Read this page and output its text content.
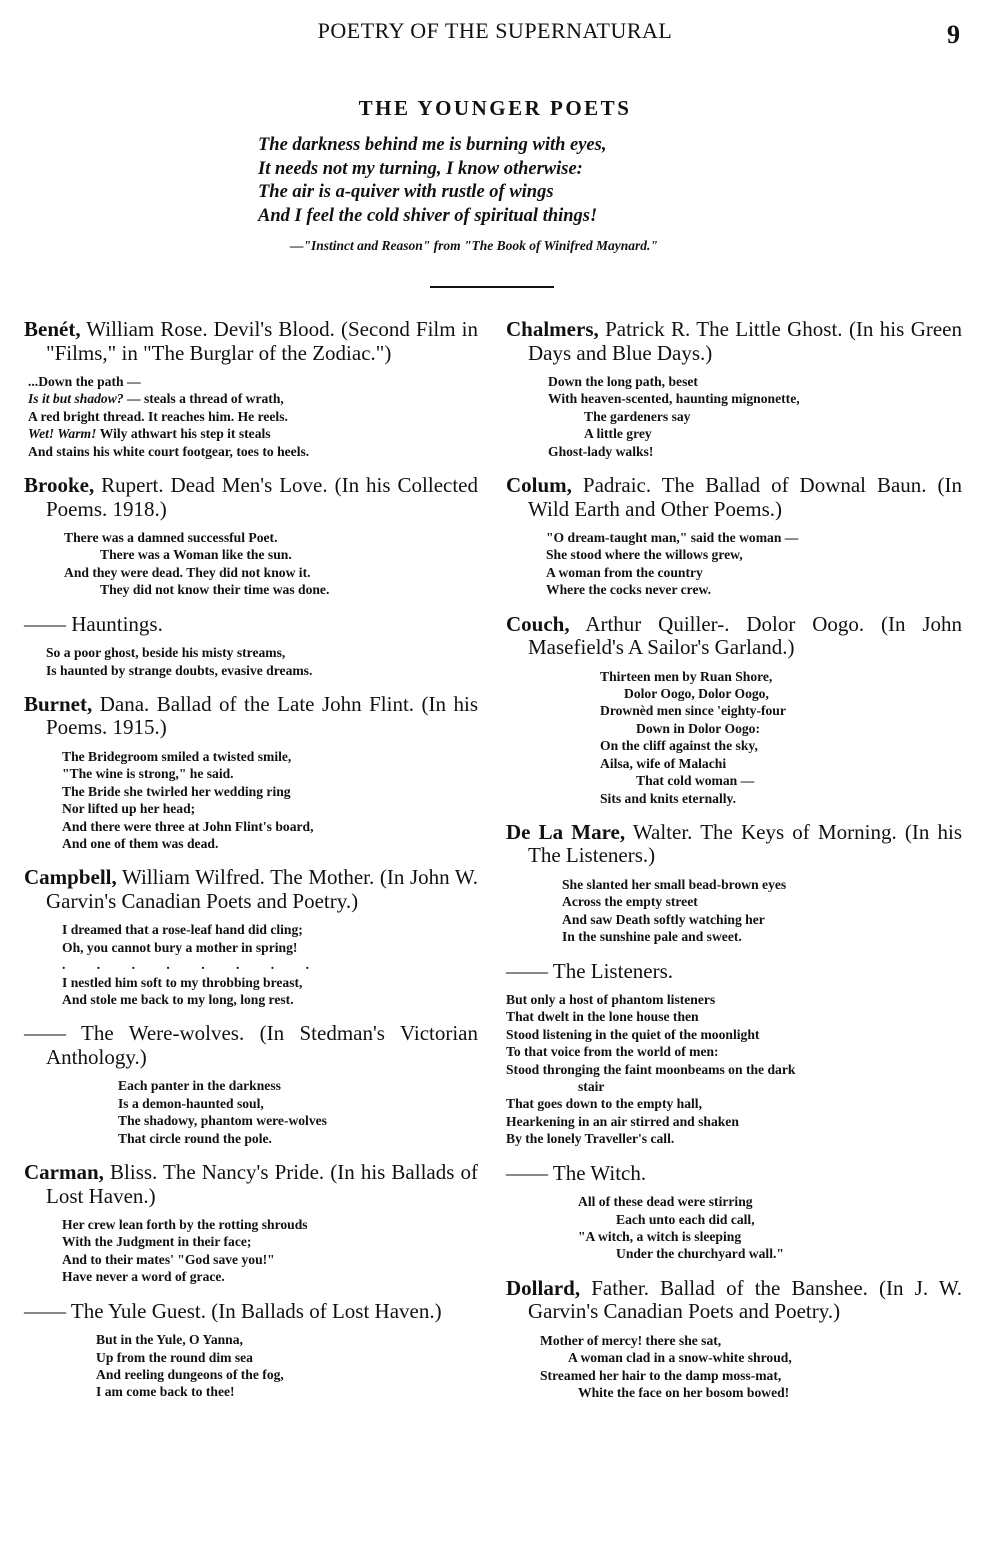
POETRY OF THE SUPERNATURAL	9
THE YOUNGER POETS
The darkness behind me is burning with eyes,
It needs not my turning, I know otherwise:
The air is a-quiver with rustle of wings
And I feel the cold shiver of spiritual things!
—"Instinct and Reason" from "The Book of Winifred Maynard."
Benét, William Rose. Devil's Blood. (Second Film in "Films," in "The Burglar of the Zodiac.")
...Down the path —
Is it but shadow? — steals a thread of wrath,
A red bright thread. It reaches him. He reels.
Wet! Warm! Wily athwart his step it steals
And stains his white court footgear, toes to heels.
Brooke, Rupert. Dead Men's Love. (In his Collected Poems. 1918.)
There was a damned successful Poet.
There was a Woman like the sun.
And they were dead. They did not know it.
They did not know their time was done.
—— Hauntings.
So a poor ghost, beside his misty streams,
Is haunted by strange doubts, evasive dreams.
Burnet, Dana. Ballad of the Late John Flint. (In his Poems. 1915.)
The Bridegroom smiled a twisted smile,
"The wine is strong," he said.
The Bride she twirled her wedding ring
Nor lifted up her head;
And there were three at John Flint's board,
And one of them was dead.
Campbell, William Wilfred. The Mother. (In John W. Garvin's Canadian Poets and Poetry.)
I dreamed that a rose-leaf hand did cling;
Oh, you cannot bury a mother in spring!
. . . . . . . .
I nestled him soft to my throbbing breast,
And stole me back to my long, long rest.
—— The Were-wolves. (In Stedman's Victorian Anthology.)
Each panter in the darkness
Is a demon-haunted soul,
The shadowy, phantom were-wolves
That circle round the pole.
Carman, Bliss. The Nancy's Pride. (In his Ballads of Lost Haven.)
Her crew lean forth by the rotting shrouds
With the Judgment in their face;
And to their mates' "God save you!"
Have never a word of grace.
—— The Yule Guest. (In Ballads of Lost Haven.)
But in the Yule, O Yanna,
Up from the round dim sea
And reeling dungeons of the fog,
I am come back to thee!
Chalmers, Patrick R. The Little Ghost. (In his Green Days and Blue Days.)
Down the long path, beset
With heaven-scented, haunting mignonette,
The gardeners say
A little grey
Ghost-lady walks!
Colum, Padraic. The Ballad of Downal Baun. (In Wild Earth and Other Poems.)
"O dream-taught man," said the woman —
She stood where the willows grew,
A woman from the country
Where the cocks never crew.
Couch, Arthur Quiller-. Dolor Oogo. (In John Masefield's A Sailor's Garland.)
Thirteen men by Ruan Shore,
Dolor Oogo, Dolor Oogo,
Drownèd men since 'eighty-four
Down in Dolor Oogo:
On the cliff against the sky,
Ailsa, wife of Malachi
That cold woman —
Sits and knits eternally.
De La Mare, Walter. The Keys of Morning. (In his The Listeners.)
She slanted her small bead-brown eyes
Across the empty street
And saw Death softly watching her
In the sunshine pale and sweet.
—— The Listeners.
But only a host of phantom listeners
That dwelt in the lone house then
Stood listening in the quiet of the moonlight
To that voice from the world of men:
Stood thronging the faint moonbeams on the dark
stair
That goes down to the empty hall,
Hearkening in an air stirred and shaken
By the lonely Traveller's call.
—— The Witch.
All of these dead were stirring
Each unto each did call,
"A witch, a witch is sleeping
Under the churchyard wall."
Dollard, Father. Ballad of the Banshee. (In J. W. Garvin's Canadian Poets and Poetry.)
Mother of mercy! there she sat,
A woman clad in a snow-white shroud,
Streamed her hair to the damp moss-mat,
White the face on her bosom bowed!
